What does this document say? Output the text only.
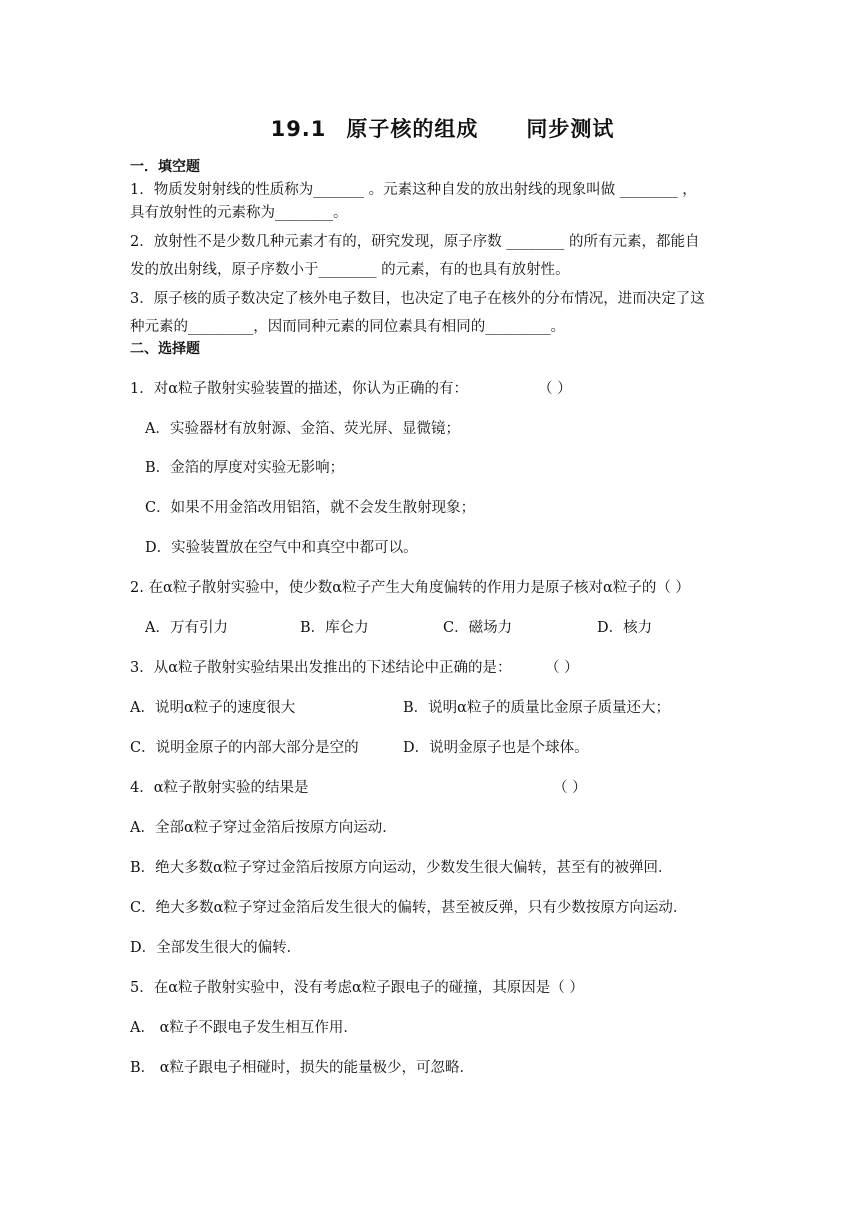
19.1 原子核的组成 同步测试
一．填空题
1．物质发射射线的性质称为_______ 。元素这种自发的放出射线的现象叫做 ________ ，
具有放射性的元素称为________。
2．放射性不是少数几种元素才有的，研究发现，原子序数 ________ 的所有元素，都能自
发的放出射线，原子序数小于________ 的元素，有的也具有放射性。
3．原子核的质子数决定了核外电子数目，也决定了电子在核外的分布情况，进而决定了这
种元素的_________，因而同种元素的同位素具有相同的_________。
二、选择题
1．对α粒子散射实验装置的描述，你认为正确的有：	（ ）
A．实验器材有放射源、金箔、荧光屏、显微镜；
B．金箔的厚度对实验无影响；
C．如果不用金箔改用铝箔，就不会发生散射现象；
D．实验装置放在空气中和真空中都可以。
2. 在α粒子散射实验中，使少数α粒子产生大角度偏转的作用力是原子核对α粒子的（ ）
A．万有引力	B．库仑力	C．磁场力	D．核力
3．从α粒子散射实验结果出发推出的下述结论中正确的是： （ ）
A．说明α粒子的速度很大	B．说明α粒子的质量比金原子质量还大；
C．说明金原子的内部大部分是空的	D．说明金原子也是个球体。
4．α粒子散射实验的结果是	（ ）
A．全部α粒子穿过金箔后按原方向运动．
B．绝大多数α粒子穿过金箔后按原方向运动，少数发生很大偏转，甚至有的被弹回．
C．绝大多数α粒子穿过金箔后发生很大的偏转，甚至被反弹，只有少数按原方向运动．
D．全部发生很大的偏转．
5．在α粒子散射实验中，没有考虑α粒子跟电子的碰撞，其原因是（ ）
A． α粒子不跟电子发生相互作用．
B． α粒子跟电子相碰时，损失的能量极少，可忽略．
